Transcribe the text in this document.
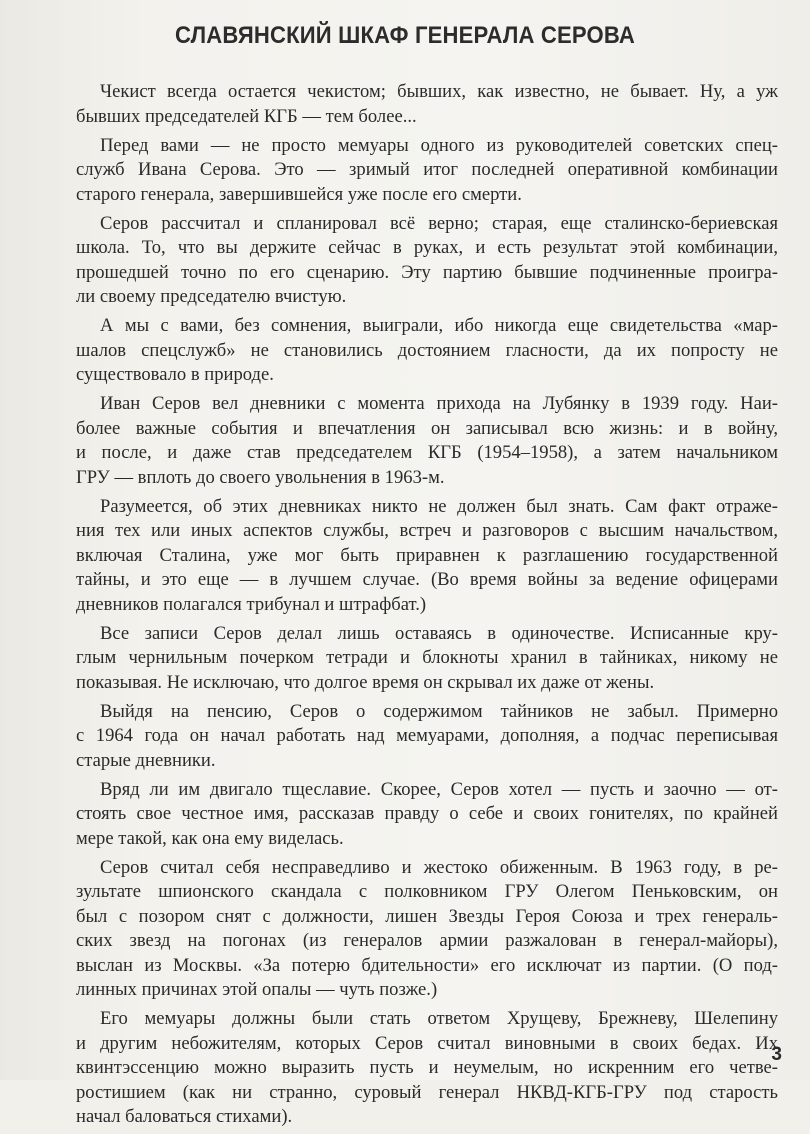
СЛАВЯНСКИЙ ШКАФ ГЕНЕРАЛА СЕРОВА

Чекист всегда остается чекистом; бывших, как известно, не бывает. Ну, а уж
бывших председателей КГБ — тем более...

Перед вами — не просто мемуары одного из руководителей советских спец-
служб Ивана Серова. Это — зримый итог последней оперативной комбинации
старого генерала, завершившейся уже после его смерти.

Серов рассчитал и спланировал всё верно; старая, еще сталинско-бериевская
школа. То, что вы держите сейчас в руках, и есть результат этой комбинации,
прошедшей точно по его сценарию. Эту партию бывшие подчиненные проигра-
ли своему председателю вчистую.

А мы с вами, без сомнения, выиграли, ибо никогда еще свидетельства «мар-
шалов спецслужб» не становились достоянием гласности, да их попросту не
существовало в природе.

Иван Серов вел дневники с момента прихода на Лубянку в 1939 году. Наи-
более важные события и впечатления он записывал всю жизнь: и в войну,
и после, и даже став председателем КГБ (1954–1958), а затем начальником
ГРУ — вплоть до своего увольнения в 1963-м.

Разумеется, об этих дневниках никто не должен был знать. Сам факт отраже-
ния тех или иных аспектов службы, встреч и разговоров с высшим начальством,
включая Сталина, уже мог быть приравнен к разглашению государственной
тайны, и это еще — в лучшем случае. (Во время войны за ведение офицерами
дневников полагался трибунал и штрафбат.)

Все записи Серов делал лишь оставаясь в одиночестве. Исписанные кру-
глым чернильным почерком тетради и блокноты хранил в тайниках, никому не
показывая. Не исключаю, что долгое время он скрывал их даже от жены.

Выйдя на пенсию, Серов о содержимом тайников не забыл. Примерно
с 1964 года он начал работать над мемуарами, дополняя, а подчас переписывая
старые дневники.

Вряд ли им двигало тщеславие. Скорее, Серов хотел — пусть и заочно — от-
стоять свое честное имя, рассказав правду о себе и своих гонителях, по крайней
мере такой, как она ему виделась.

Серов считал себя несправедливо и жестоко обиженным. В 1963 году, в ре-
зультате шпионского скандала с полковником ГРУ Олегом Пеньковским, он
был с позором снят с должности, лишен Звезды Героя Союза и трех генераль-
ских звезд на погонах (из генералов армии разжалован в генерал-майоры),
выслан из Москвы. «За потерю бдительности» его исключат из партии. (О под-
линных причинах этой опалы — чуть позже.)

Его мемуары должны были стать ответом Хрущеву, Брежневу, Шелепину
и другим небожителям, которых Серов считал виновными в своих бедах. Их
квинтэссенцию можно выразить пусть и неумелым, но искренним его четве-
ростишием (как ни странно, суровый генерал НКВД-КГБ-ГРУ под старость
начал баловаться стихами).

3
